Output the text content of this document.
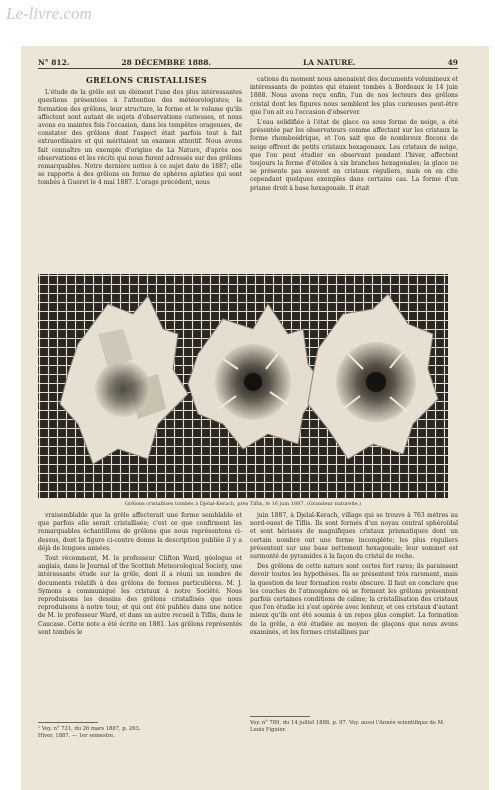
Le-livre.com
N° 812.	28 DÉCEMBRE 1888.	LA NATURE.	49
GRÊLONS CRISTALLISÉS

L'étude de la grêle est un élément l'une des plus intéressantes questions présentées à l'attention des météorologistes; la formation des grêlons, leur structure, la forme et le volume qu'ils affectent sont autant de sujets d'observations curieuses, et nous avons eu maintes fois l'occasion, dans les tempêtes orageuses, de constater des grêlons dont l'aspect était parfois tout à fait extraordinaire et qui méritaient un examen attentif. Nous avons fait connaître un exemple d'origine de La Nature, d'après nos observations et les récits qui nous furent adressés sur des grêlons remarquables. Notre dernière notice à ce sujet date de 1887; elle se rapporte à des grêlons en forme de sphères aplaties qui sont tombés à Gueret le 4 mai 1887. L'orage précédent, nous

cations du moment nous amenaient des documents volumineux et intéressants de pointes qui étaient tombés à Bordeaux le 14 juin 1888. Nous avons reçu enfin, l'un de nos lecteurs des grêlons cristal dont les figures nous semblent les plus curieuses peut-être que l'on ait eu l'occasion d'observer.

L'eau solidifiée à l'état de glace ou sous forme de neige, a été présentée par les observateurs comme affectant sur les cristaux la forme rhomboédrique, et l'on sait que de nombreux flocons de neige offrent de petits cristaux hexagonaux. Les cristaux de neige, que l'on peut étudier en observant pendant l'hiver, affectent toujours la forme d'étoiles à six branches hexagonales; la glace ne se présente pas souvent en cristaux réguliers, mais on en cite cependant quelques exemples dans certains cas. La forme d'un prisme droit à base hexagonale. Il était

Grêlons cristallisés tombés à Djelal-Kerach, près Tiflis, le 16 juin 1887. (Grandeur naturelle.)

vraisemblable que la grêle affecterait une forme semblable et que parfois elle serait cristallisée; c'est ce que confirment les remarquables échantillons de grêlons que nous représentons ci-dessus, dont la figure ci-contre donne la description publiée il y a déjà de longues années.

Tout récemment, M. le professeur Clifton Ward, géologue et anglais, dans le Journal of the Scottish Meteorological Society, une intéressante étude sur la grêle, dont il a réuni un nombre de documents relatifs à des grêlons de formes particulières. M. J. Symons a communiqué les cristaux à notre Société. Nous reproduisons les dessins des grêlons cristallisés que nous reproduisons à notre tour, et qui ont été publiés dans une notice de M. le professeur Ward, et dans un autre recueil à Tiflis, dans le Caucase. Cette note a été écrite en 1881. Les grêlons représentés sont tombés le

juin 1887, à Djelal-Kerach, village qui se trouve à 763 mètres au nord-ouest de Tiflis. Ils sont formés d'un noyau central sphéroïdal et sont hérissés de magnifiques cristaux prismatiques dont un certain nombre ont une forme incomplète; les plus réguliers présentent sur une base nettement hexagonale; leur sommet est surmonté de pyramides à la façon du cristal de roche.

Des grêlons de cette nature sont certes fort rares; ils paraissent devoir toutes les hypothèses. Ils se présentent très rarement, mais la question de leur formation reste obscure. Il faut en conclure que les couches de l'atmosphère où se forment les grêlons présentent parfois certaines conditions de calme; la cristallisation des cristaux que l'on étudie ici s'est opérée avec lenteur, et ces cristaux d'autant mieux qu'ils ont été soumis à un repos plus complet. La formation de la grêle, a été étudiée au moyen de glaçons que nous avons examinés, et les formes cristallines par

¹ Voy. n° 721, du 26 mars 1887, p. 263.
Hiver, 1887. — 1er semestre.
Voy. n° 789, du 14 juillet 1888, p. 97. Voy. aussi l'Année scientifique de M. Louis Figuier.
